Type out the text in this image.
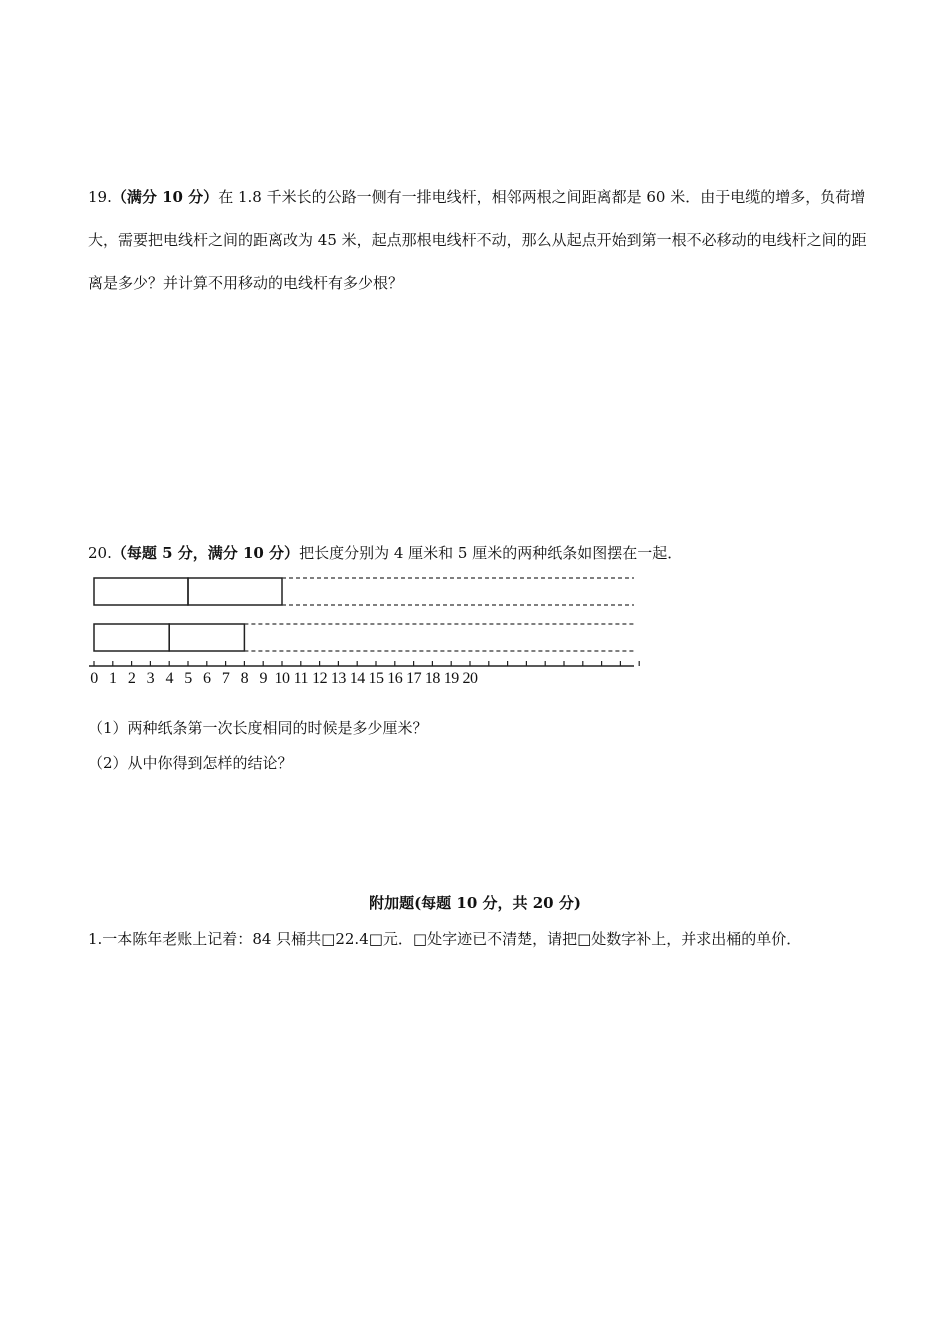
19.（满分 10 分）在 1.8 千米长的公路一侧有一排电线杆，相邻两根之间距离都是 60 米．由于电缆的增多，负荷增大，需要把电线杆之间的距离改为 45 米，起点那根电线杆不动，那么从起点开始到第一根不必移动的电线杆之间的距离是多少？并计算不用移动的电线杆有多少根？

20.（每题 5 分，满分 10 分）把长度分别为 4 厘米和 5 厘米的两种纸条如图摆在一起．

0 1 2 3 4 5 6 7 8 9 10 11 12 13 14 15 16 17 18 19 20

（1）两种纸条第一次长度相同的时候是多少厘米？

（2）从中你得到怎样的结论？

附加题(每题 10 分，共 20 分)

1.一本陈年老账上记着：84 只桶共□22.4□元．□处字迹已不清楚，请把□处数字补上，并求出桶的单价．
